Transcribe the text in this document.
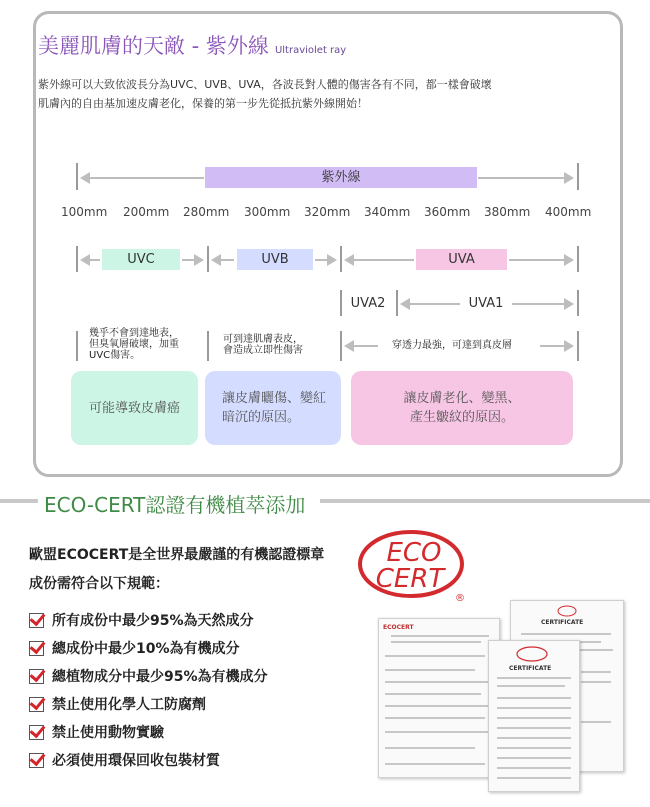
美麗肌膚的天敵 - 紫外線 Ultraviolet ray
紫外線可以大致依波長分為UVC、UVB、UVA，各波長對人體的傷害各有不同，都一樣會破壞
肌膚內的自由基加速皮膚老化，保養的第一步先從抵抗紫外線開始！
紫外線
100mm 200mm 280mm 300mm 320mm 340mm 360mm 380mm 400mm
UVC	UVB	UVA
UVA2	UVA1
幾乎不會到達地表，
但臭氧層破壞，加重
UVC傷害。
可到達肌膚表皮，
會造成立即性傷害	穿透力最強，可達到真皮層
可能導致皮膚癌
讓皮膚曬傷、變紅
暗沉的原因。
讓皮膚老化、變黑、
產生皺紋的原因。
ECO-CERT認證有機植萃添加
歐盟ECOCERT是全世界最嚴謹的有機認證標章
成份需符合以下規範：
所有成份中最少95%為天然成分
總成份中最少10%為有機成分
總植物成分中最少95%為有機成分
禁止使用化學人工防腐劑
禁止使用動物實驗
必須使用環保回收包裝材質
ECO
CERT
®
CERTIFICATE
ECOCERT
CERTIFICATE
